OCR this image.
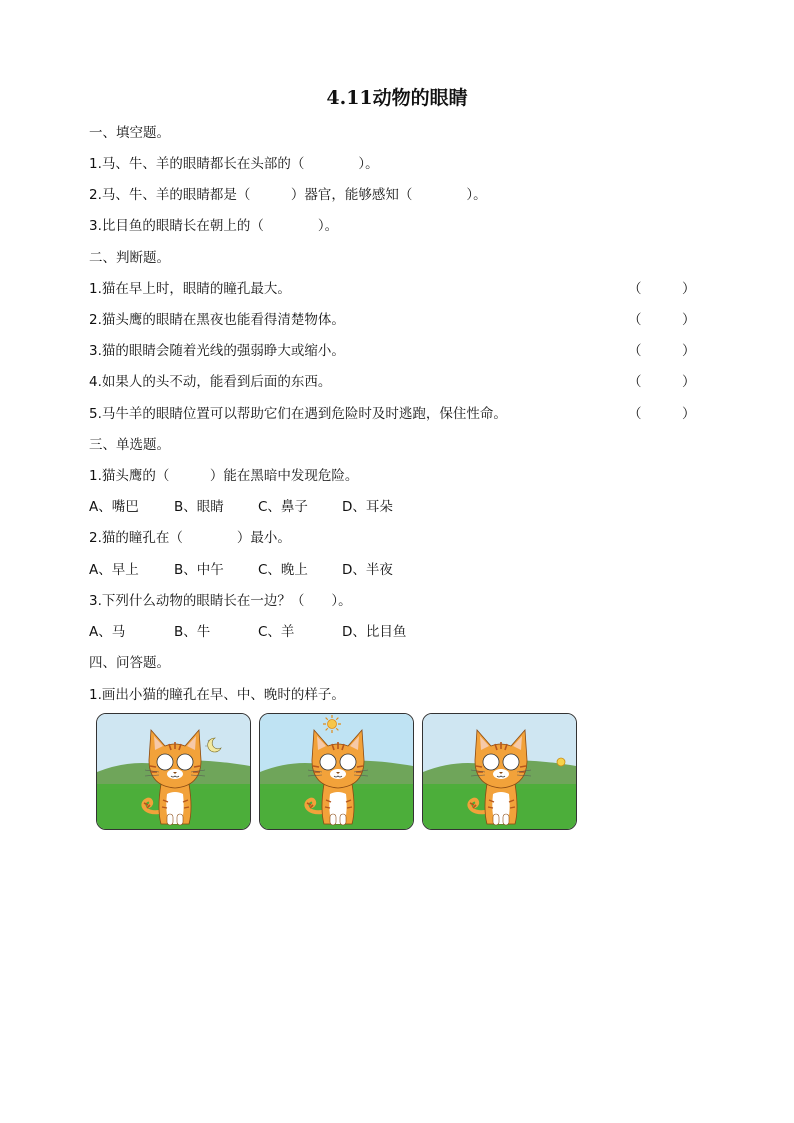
4.11动物的眼睛
一、填空题。
1.马、牛、羊的眼睛都长在头部的（　　　　）。
2.马、牛、羊的眼睛都是（　　　）器官，能够感知（　　　　）。
3.比目鱼的眼睛长在朝上的（　　　　）。
二、判断题。
1.猫在早上时，眼睛的瞳孔最大。	（　　　）
2.猫头鹰的眼睛在黑夜也能看得清楚物体。	（　　　）
3.猫的眼睛会随着光线的强弱睁大或缩小。	（　　　）
4.如果人的头不动，能看到后面的东西。	（　　　）
5.马牛羊的眼睛位置可以帮助它们在遇到危险时及时逃跑，保住性命。	（　　　）
三、单选题。
1.猫头鹰的（　　　）能在黑暗中发现危险。
A、嘴巴	B、眼睛	C、鼻子	D、耳朵
2.猫的瞳孔在（　　　　）最小。
A、早上	B、中午	C、晚上	D、半夜
3.下列什么动物的眼睛长在一边？（　　）。
A、马	B、牛	C、羊	D、比目鱼
四、问答题。
1.画出小猫的瞳孔在早、中、晚时的样子。
